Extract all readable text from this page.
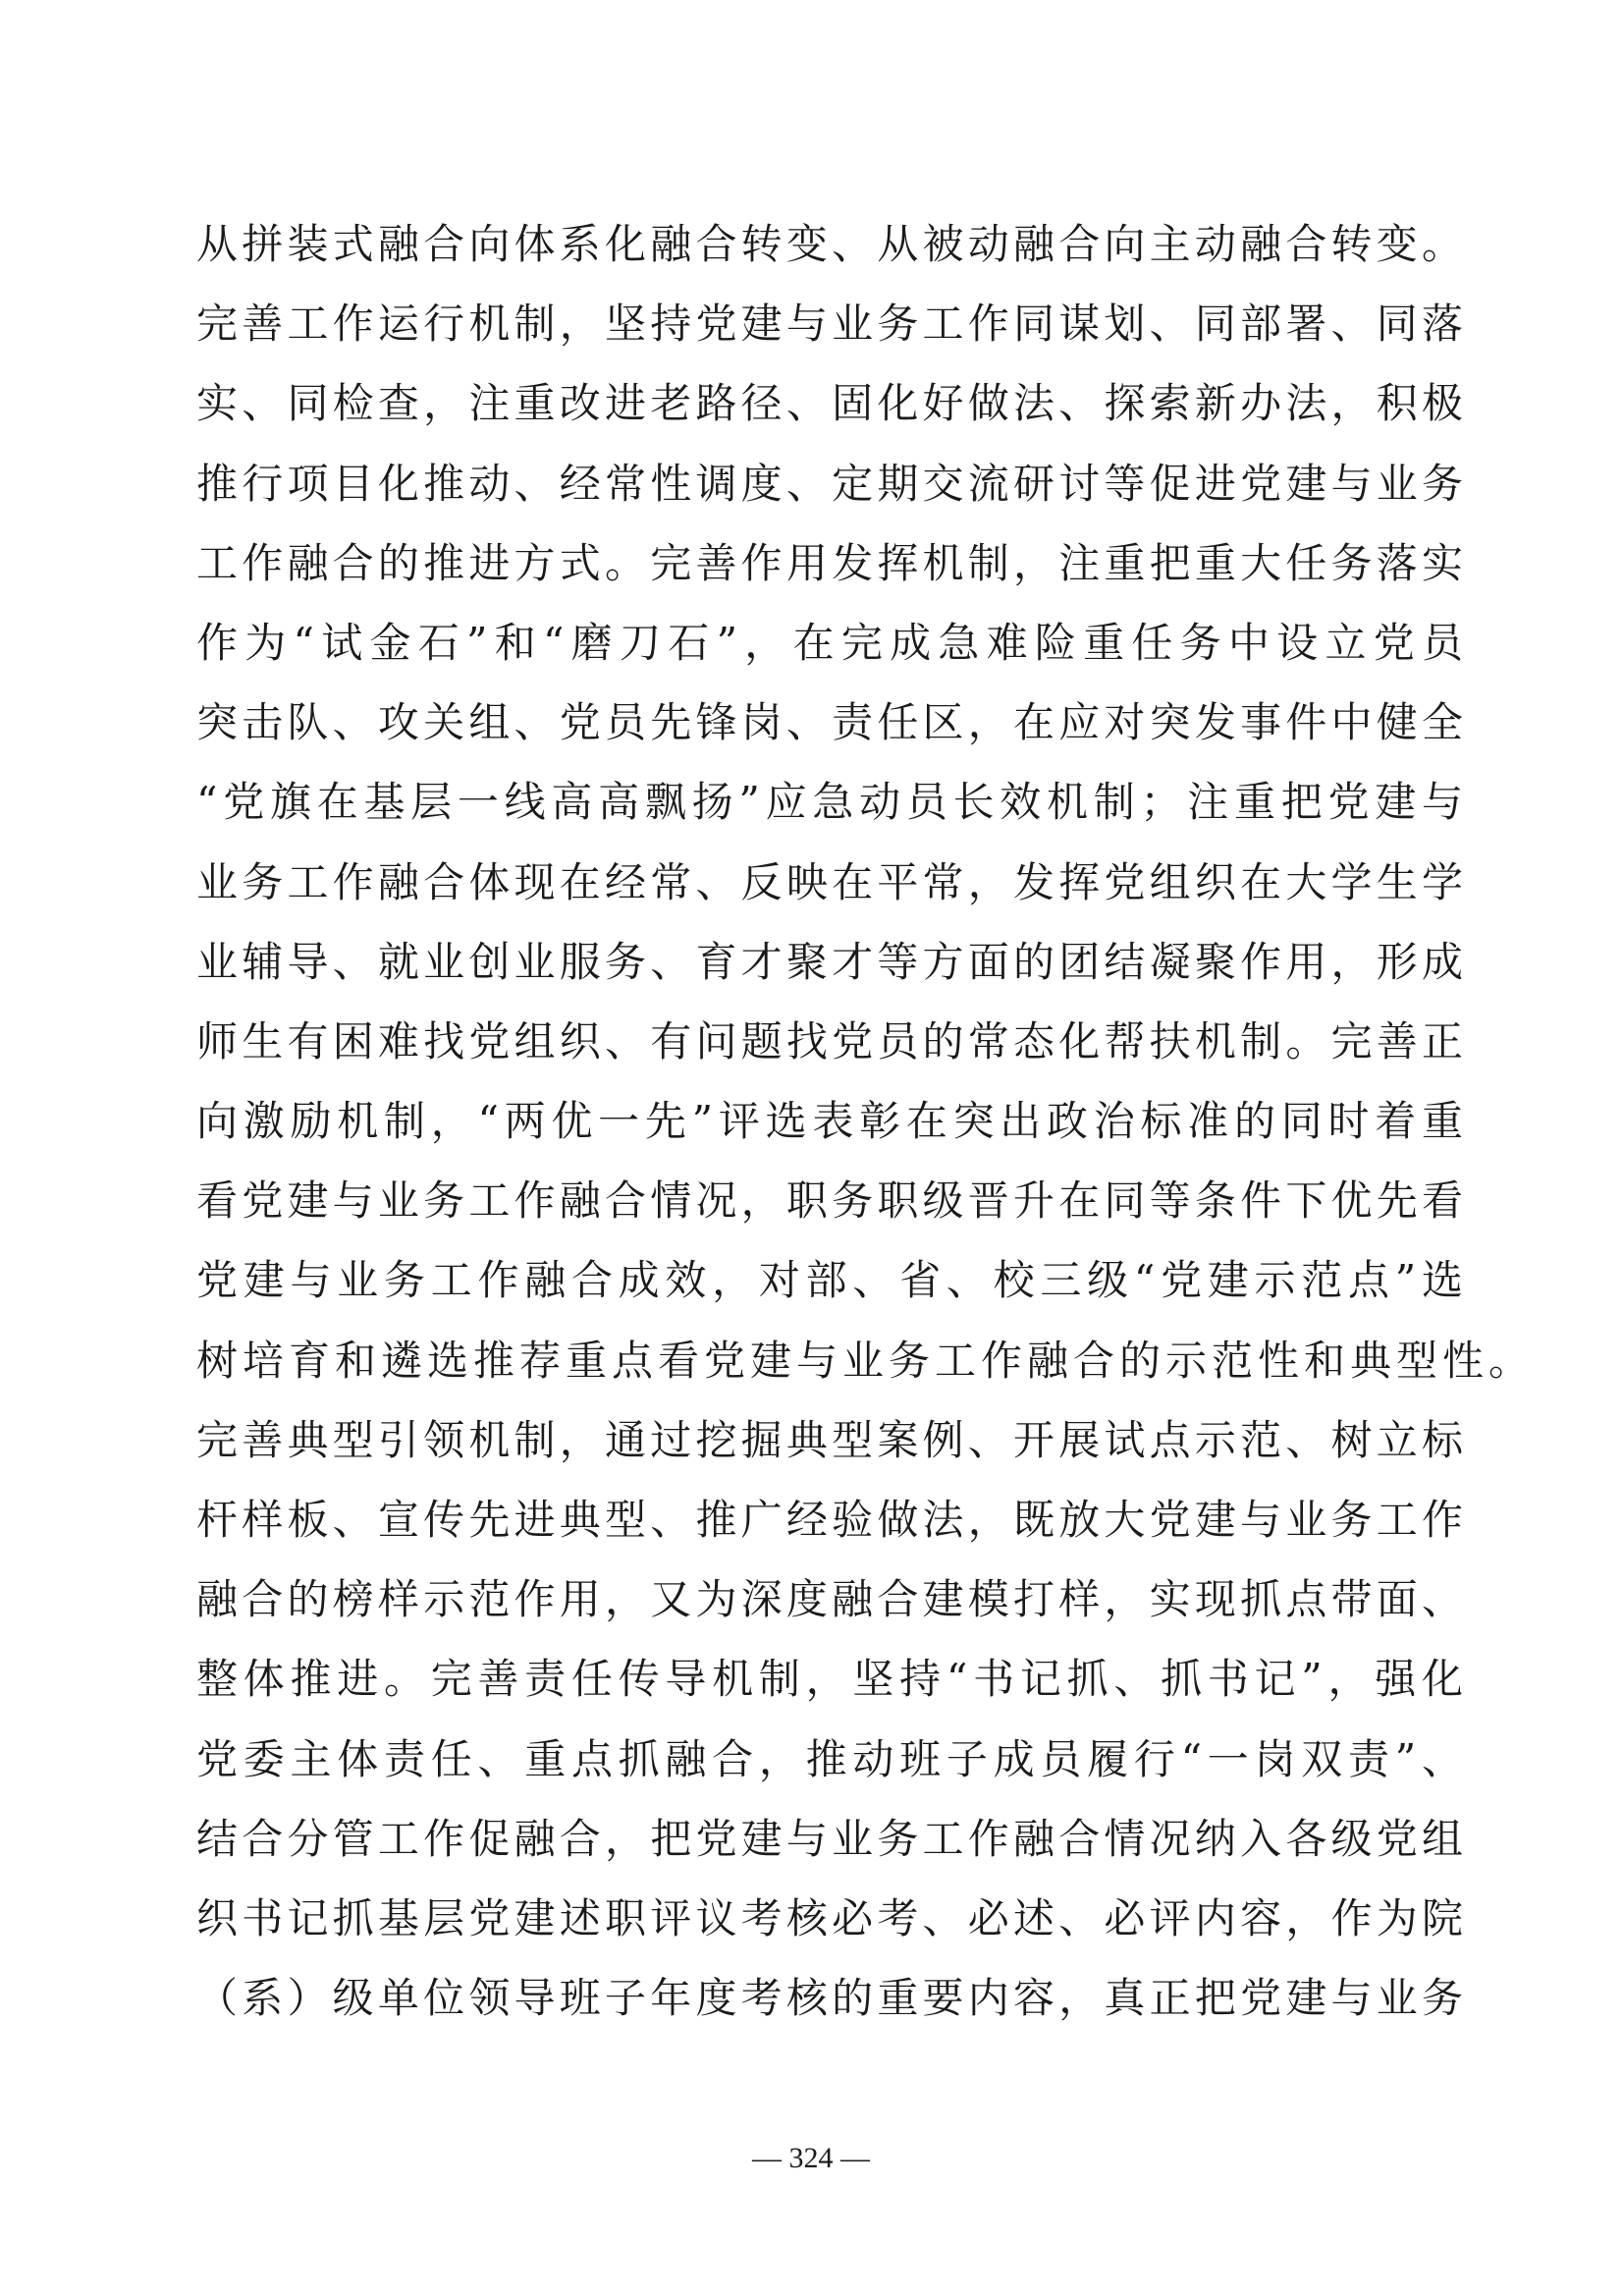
从拼装式融合向体系化融合转变、从被动融合向主动融合转变。
完善工作运行机制，坚持党建与业务工作同谋划、同部署、同落
实、同检查，注重改进老路径、固化好做法、探索新办法，积极
推行项目化推动、经常性调度、定期交流研讨等促进党建与业务
工作融合的推进方式。完善作用发挥机制，注重把重大任务落实
作为“试金石”和“磨刀石”，在完成急难险重任务中设立党员
突击队、攻关组、党员先锋岗、责任区，在应对突发事件中健全
“党旗在基层一线高高飘扬”应急动员长效机制；注重把党建与
业务工作融合体现在经常、反映在平常，发挥党组织在大学生学
业辅导、就业创业服务、育才聚才等方面的团结凝聚作用，形成
师生有困难找党组织、有问题找党员的常态化帮扶机制。完善正
向激励机制，“两优一先”评选表彰在突出政治标准的同时着重
看党建与业务工作融合情况，职务职级晋升在同等条件下优先看
党建与业务工作融合成效，对部、省、校三级“党建示范点”选
树培育和遴选推荐重点看党建与业务工作融合的示范性和典型性。
完善典型引领机制，通过挖掘典型案例、开展试点示范、树立标
杆样板、宣传先进典型、推广经验做法，既放大党建与业务工作
融合的榜样示范作用，又为深度融合建模打样，实现抓点带面、
整体推进。完善责任传导机制，坚持“书记抓、抓书记”，强化
党委主体责任、重点抓融合，推动班子成员履行“一岗双责”、
结合分管工作促融合，把党建与业务工作融合情况纳入各级党组
织书记抓基层党建述职评议考核必考、必述、必评内容，作为院
（系）级单位领导班子年度考核的重要内容，真正把党建与业务
— 324 —
